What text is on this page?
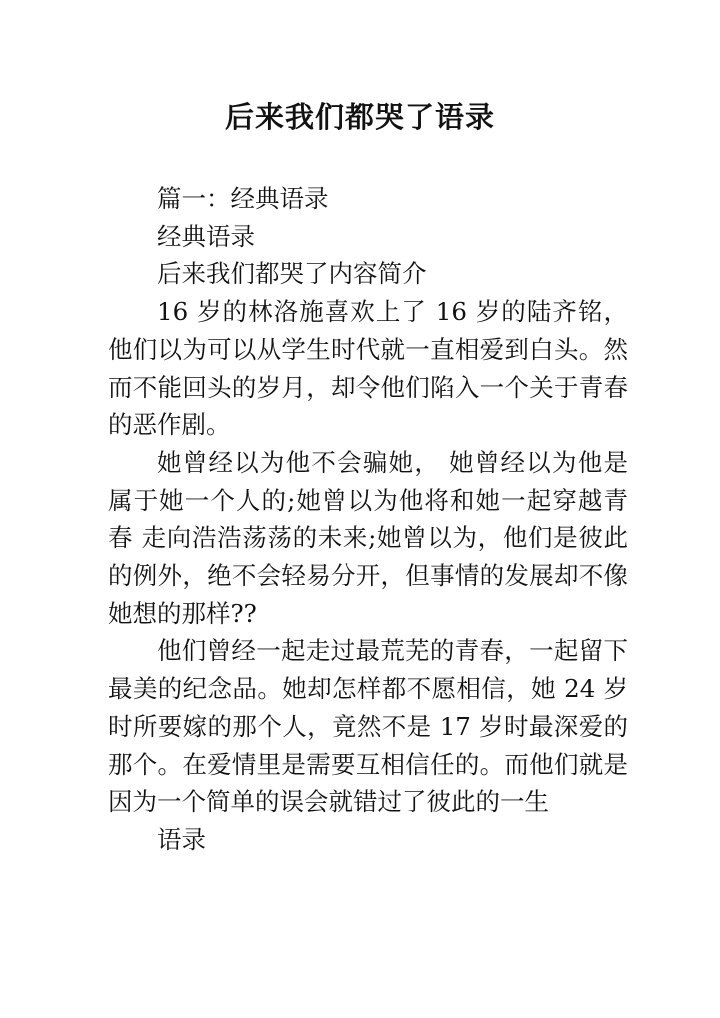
后来我们都哭了语录

篇一：经典语录

经典语录

后来我们都哭了内容简介

16 岁的林洛施喜欢上了 16 岁的陆齐铭，他们以为可以从学生时代就一直相爱到白头。然而不能回头的岁月，却令他们陷入一个关于青春的恶作剧。

她曾经以为他不会骗她， 她曾经以为他是属于她一个人的;她曾以为他将和她一起穿越青春 走向浩浩荡荡的未来;她曾以为，他们是彼此的例外，绝不会轻易分开，但事情的发展却不像她想的那样??

他们曾经一起走过最荒芜的青春，一起留下最美的纪念品。她却怎样都不愿相信，她 24 岁时所要嫁的那个人，竟然不是 17 岁时最深爱的那个。在爱情里是需要互相信任的。而他们就是因为一个简单的误会就错过了彼此的一生

语录
